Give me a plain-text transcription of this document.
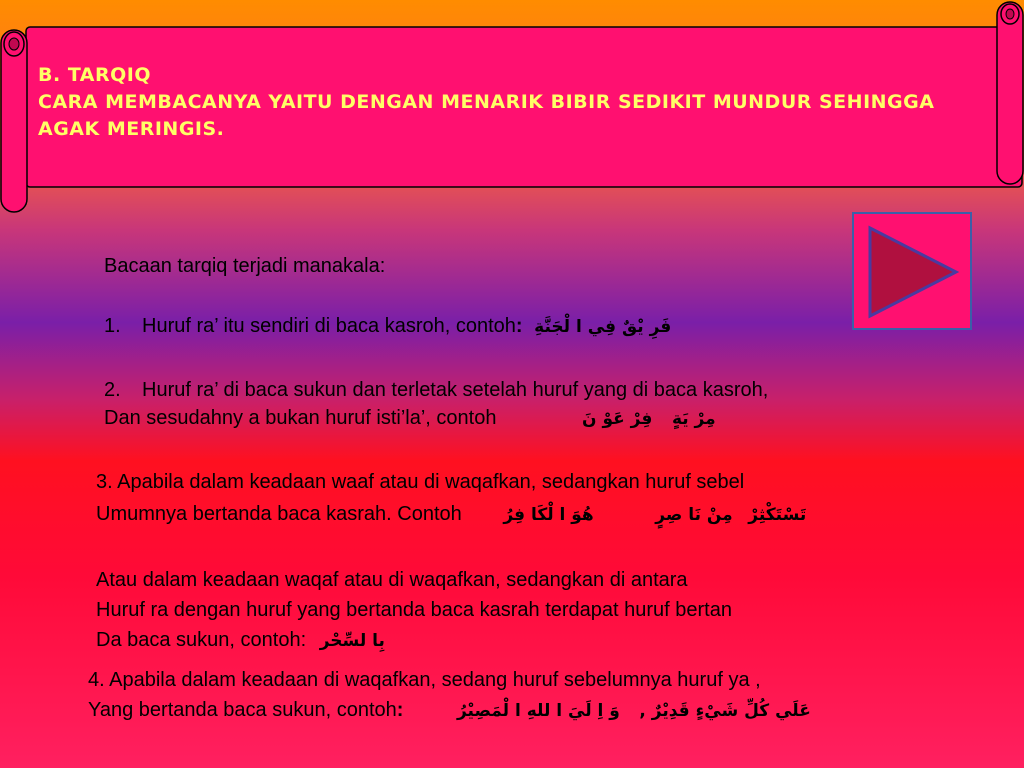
B. TARQIQ
CARA MEMBACANYA YAITU DENGAN MENARIK BIBIR SEDIKIT MUNDUR SEHINGGA
AGAK MERINGIS.
Bacaan tarqiq terjadi manakala:
1. Huruf ra’ itu sendiri di baca kasroh, contoh: فَرِ يْقٌ فِي ا لْجَنَّةِ
2. Huruf ra’ di baca sukun dan terletak setelah huruf yang di baca kasroh,
Dan sesudahny a bukan huruf isti’la’, contoh	مِرْ يَةٍ فِرْ عَوْ نَ
3. Apabila dalam keadaan waaf atau di waqafkan, sedangkan huruf sebel
Umumnya bertanda baca kasrah. Contoh	تَسْتَكْثِرْ مِنْ نَا صِرٍ هُوَ ا لْكَا فِرُ
Atau dalam keadaan waqaf atau di waqafkan, sedangkan di antara
Huruf ra dengan huruf yang bertanda baca kasrah terdapat huruf bertan
Da baca sukun, contoh: بِا لسِّحْر
4. Apabila dalam keadaan di waqafkan, sedang huruf sebelumnya huruf ya ,
Yang bertanda baca sukun, contoh:	عَلَي كُلِّ شَيْءٍ قَدِيْرٌ , وَ اِ لَيَ ا للهِ ا لْمَصِيْرُ
